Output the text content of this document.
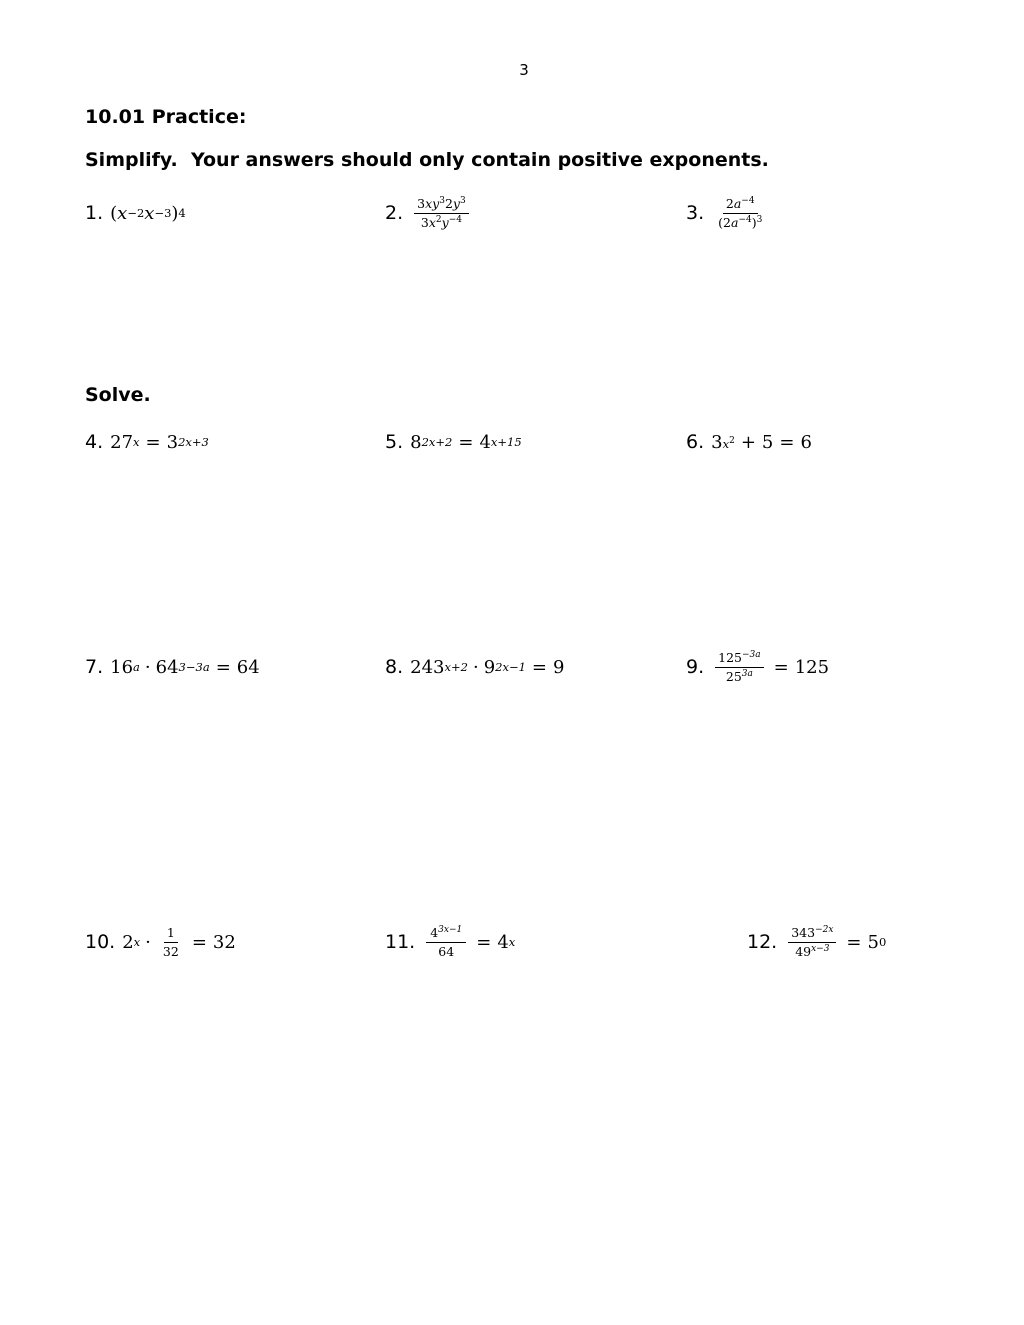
3
10.01 Practice:
Simplify.  Your answers should only contain positive exponents.
1. ( x −2 x −3 ) 4	2. $\frac{3xy^32y^3}{3x^2y^{-4}}$	3. $\frac{2a^{-4}}{(2a^{-4})^3}$
Solve.
4. 27 x = 3 2x+3	5. 8 2x+2 = 4 x+15	6. 3 $x^2 + 5 = 6$
7. 16 a · 64 3−3a = 64	8. 243 x+2 · 9 2x−1 = 9	9. $\frac{125^{-3a}}{25^{3a}} = 125$
10. 2 $x \cdot \frac{1}{32} = 32$	11. $\frac{4^{3x-1}}{64} = 4$ x	12. $\frac{343^{-2x}}{49^{x-3}} = 5$ 0
